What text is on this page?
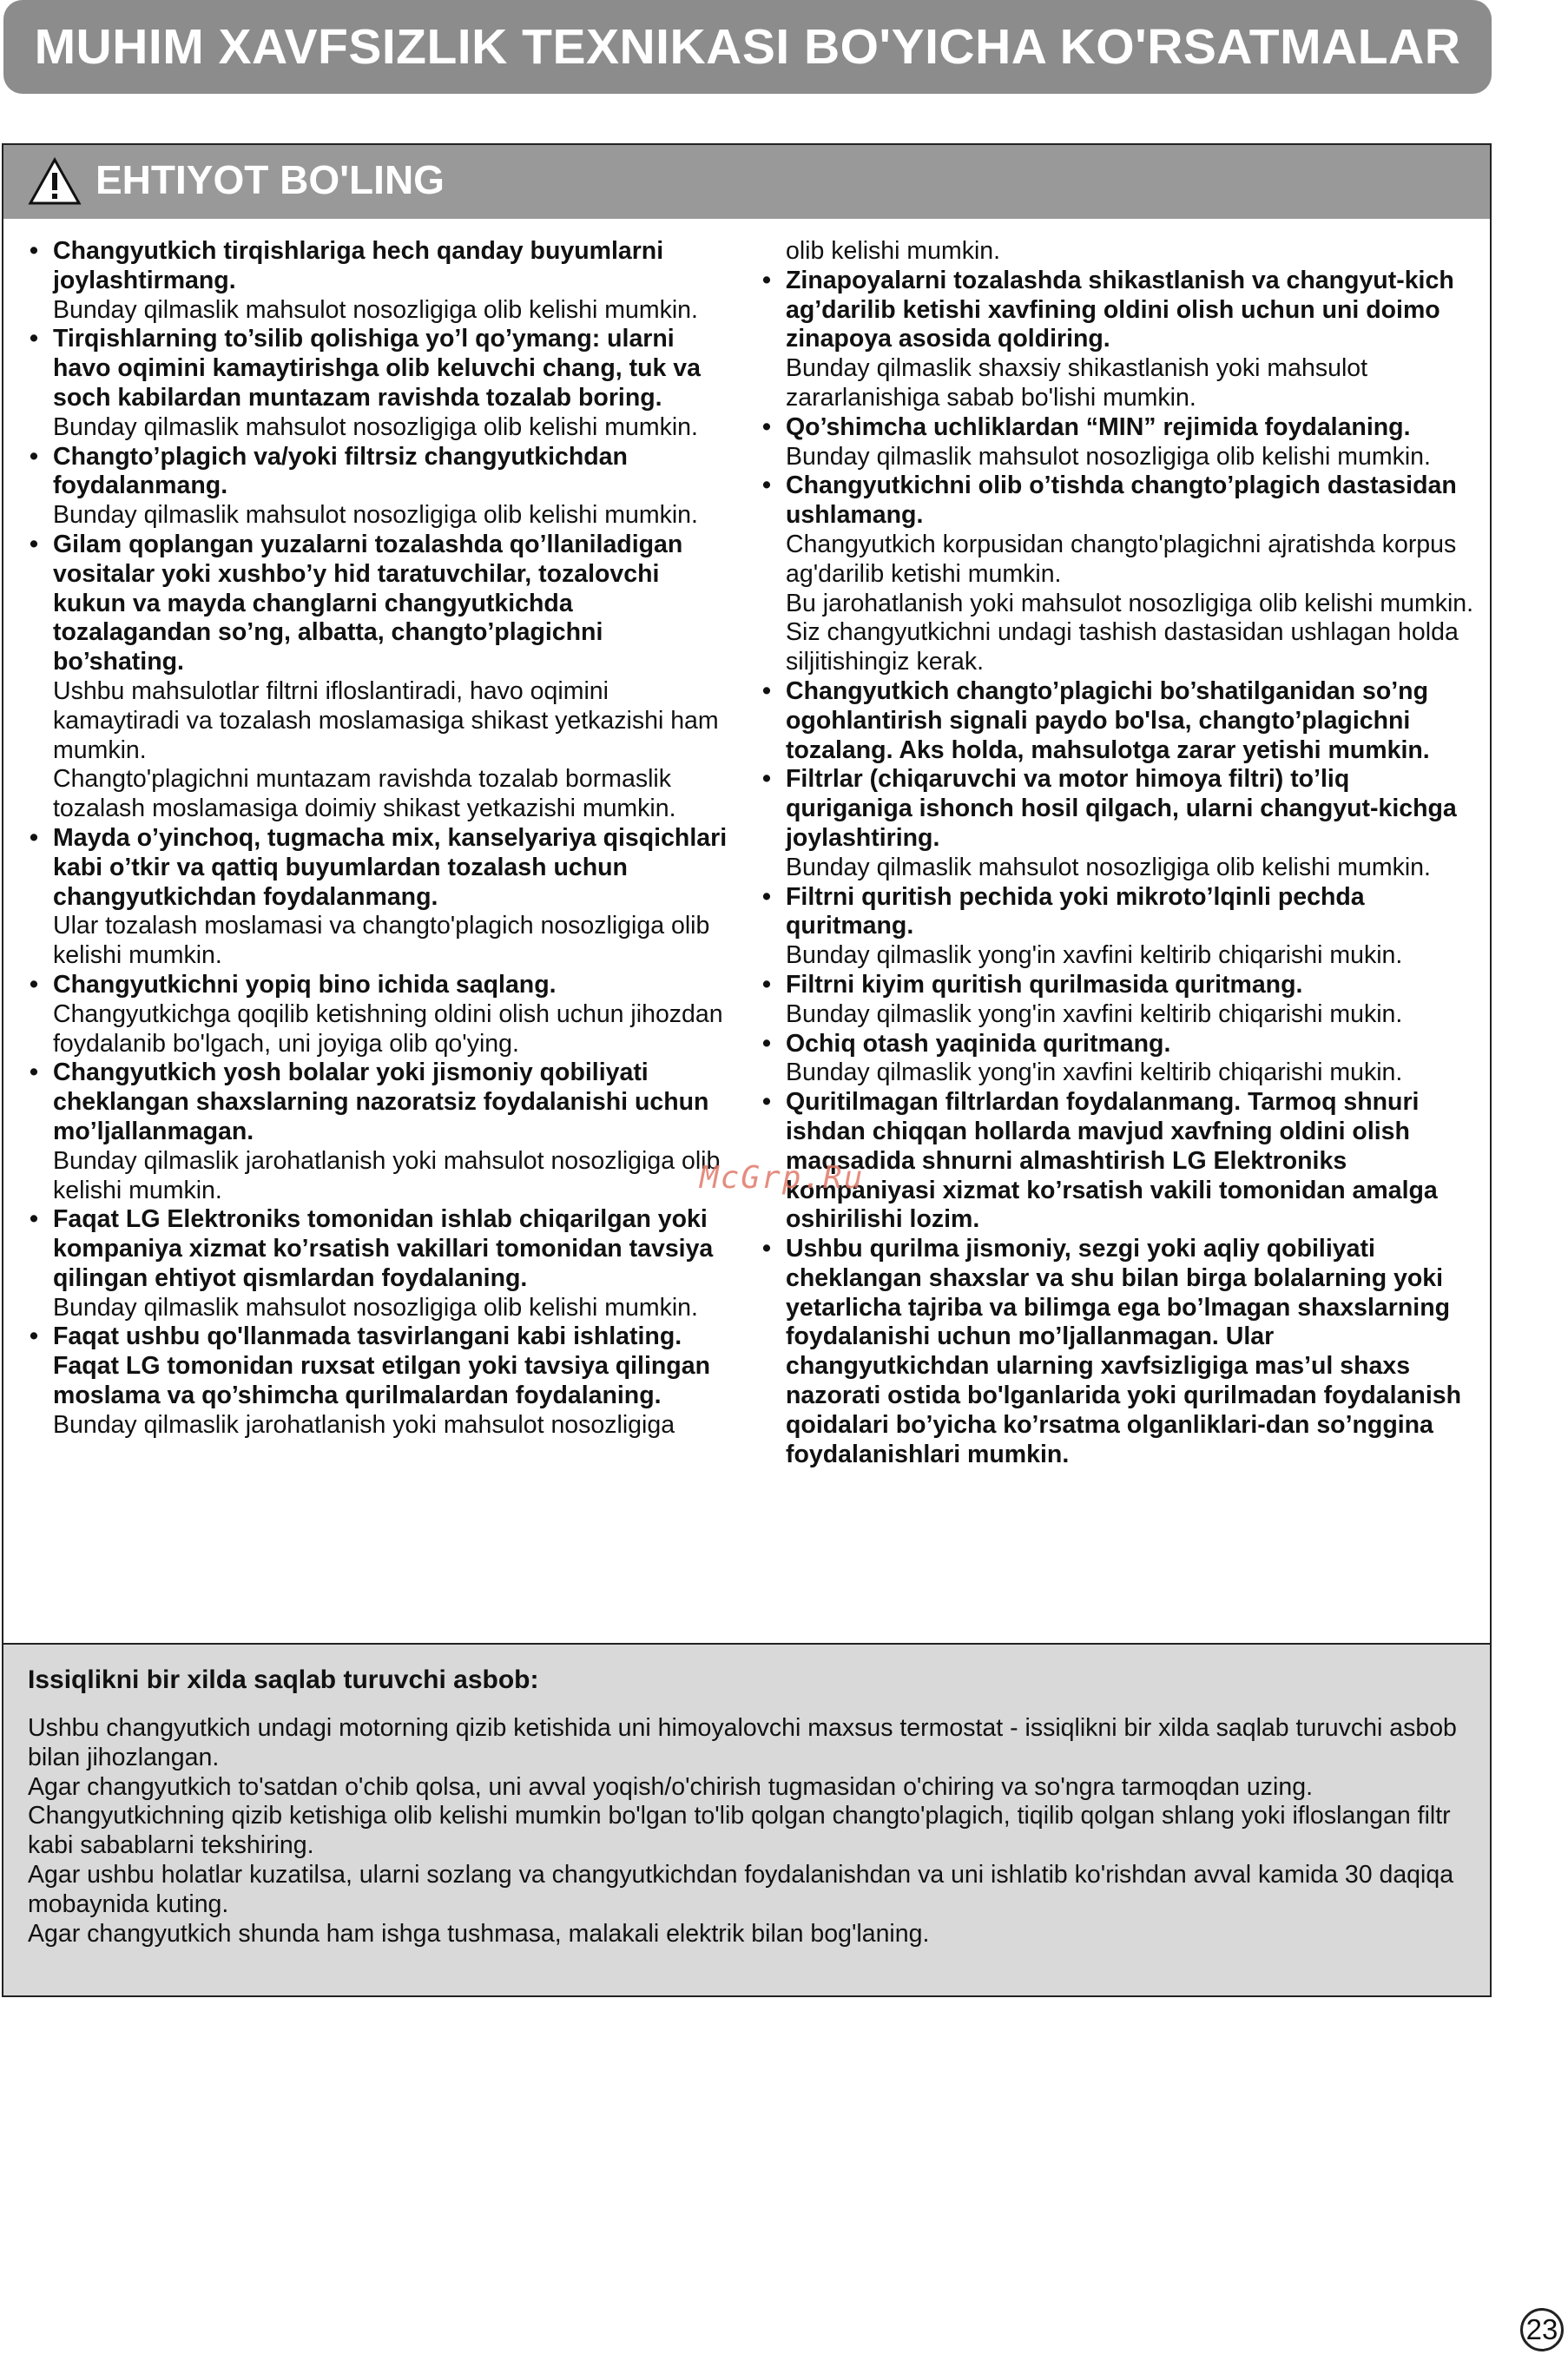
MUHIM XAVFSIZLIK TEXNIKASI BO'YICHA KO'RSATMALAR
EHTIYOT BO'LING
• Changyutkich tirqishlariga hech qanday buyumlarni joylashtirmang.
Bunday qilmaslik mahsulot nosozligiga olib kelishi mumkin.
• Tirqishlarning to’silib qolishiga yo’l qo’ymang: ularni havo oqimini kamaytirishga olib keluvchi chang, tuk va soch kabilardan muntazam ravishda tozalab boring.
Bunday qilmaslik mahsulot nosozligiga olib kelishi mumkin.
• Changto’plagich va/yoki filtrsiz changyutkichdan foydalanmang.
Bunday qilmaslik mahsulot nosozligiga olib kelishi mumkin.
• Gilam qoplangan yuzalarni tozalashda qo’llaniladigan vositalar yoki xushbo’y hid taratuvchilar, tozalovchi kukun va mayda changlarni changyutkichda tozalagandan so’ng, albatta, changto’plagichni bo’shating.
Ushbu mahsulotlar filtrni ifloslantiradi, havo oqimini kamaytiradi va tozalash moslamasiga shikast yetkazishi ham mumkin.
Changto'plagichni muntazam ravishda tozalab bormaslik tozalash moslamasiga doimiy shikast yetkazishi mumkin.
• Mayda o’yinchoq, tugmacha mix, kanselyariya qisqichlari kabi o’tkir va qattiq buyumlardan tozalash uchun changyutkichdan foydalanmang.
Ular tozalash moslamasi va changto'plagich nosozligiga olib kelishi mumkin.
• Changyutkichni yopiq bino ichida saqlang.
Changyutkichga qoqilib ketishning oldini olish uchun jihozdan foydalanib bo'lgach, uni joyiga olib qo'ying.
• Changyutkich yosh bolalar yoki jismoniy qobiliyati cheklangan shaxslarning nazoratsiz foydalanishi uchun mo’ljallanmagan.
Bunday qilmaslik jarohatlanish yoki mahsulot nosozligiga olib kelishi mumkin.
• Faqat LG Elektroniks tomonidan ishlab chiqarilgan yoki kompaniya xizmat ko’rsatish vakillari tomonidan tavsiya qilingan ehtiyot qismlardan foydalaning.
Bunday qilmaslik mahsulot nosozligiga olib kelishi mumkin.
• Faqat ushbu qo'llanmada tasvirlangani kabi ishlating. Faqat LG tomonidan ruxsat etilgan yoki tavsiya qilingan moslama va qo’shimcha qurilmalardan foydalaning.
Bunday qilmaslik jarohatlanish yoki mahsulot nosozligiga
olib kelishi mumkin.
• Zinapoyalarni tozalashda shikastlanish va changyut-kich ag’darilib ketishi xavfining oldini olish uchun uni doimo zinapoya asosida qoldiring.
Bunday qilmaslik shaxsiy shikastlanish yoki mahsulot zararlanishiga sabab bo'lishi mumkin.
• Qo’shimcha uchliklardan “MIN” rejimida foydalaning.
Bunday qilmaslik mahsulot nosozligiga olib kelishi mumkin.
• Changyutkichni olib o’tishda changto’plagich dastasidan ushlamang.
Changyutkich korpusidan changto'plagichni ajratishda korpus ag'darilib ketishi mumkin.
Bu jarohatlanish yoki mahsulot nosozligiga olib kelishi mumkin.
Siz changyutkichni undagi tashish dastasidan ushlagan holda siljitishingiz kerak.
• Changyutkich changto’plagichi bo’shatilganidan so’ng ogohlantirish signali paydo bo'lsa, changto’plagichni tozalang. Aks holda, mahsulotga zarar yetishi mumkin.
• Filtrlar (chiqaruvchi va motor himoya filtri) to’liq quriganiga ishonch hosil qilgach, ularni changyut-kichga joylashtiring.
Bunday qilmaslik mahsulot nosozligiga olib kelishi mumkin.
• Filtrni quritish pechida yoki mikroto’lqinli pechda quritmang.
Bunday qilmaslik yong'in xavfini keltirib chiqarishi mukin.
• Filtrni kiyim quritish qurilmasida quritmang.
Bunday qilmaslik yong'in xavfini keltirib chiqarishi mukin.
• Ochiq otash yaqinida quritmang.
Bunday qilmaslik yong'in xavfini keltirib chiqarishi mukin.
• Quritilmagan filtrlardan foydalanmang. Tarmoq shnuri ishdan chiqqan hollarda mavjud xavfning oldini olish maqsadida shnurni almashtirish LG Elektroniks kompaniyasi xizmat ko’rsatish vakili tomonidan amalga oshirilishi lozim.
• Ushbu qurilma jismoniy, sezgi yoki aqliy qobiliyati cheklangan shaxslar va shu bilan birga bolalarning yoki yetarlicha tajriba va bilimga ega bo’lmagan shaxslarning foydalanishi uchun mo’ljallanmagan. Ular changyutkichdan ularning xavfsizligiga mas’ul shaxs nazorati ostida bo'lganlarida yoki qurilmadan foydalanish qoidalari bo’yicha ko’rsatma olganliklari-dan so’nggina foydalanishlari mumkin.
McGrp.Ru
Issiqlikni bir xilda saqlab turuvchi asbob:
Ushbu changyutkich undagi motorning qizib ketishida uni himoyalovchi maxsus termostat - issiqlikni bir xilda saqlab turuvchi asbob bilan jihozlangan.
Agar changyutkich to'satdan o'chib qolsa, uni avval yoqish/o'chirish tugmasidan o'chiring va so'ngra tarmoqdan uzing.
Changyutkichning qizib ketishiga olib kelishi mumkin bo'lgan to'lib qolgan changto'plagich, tiqilib qolgan shlang yoki ifloslangan filtr kabi sabablarni tekshiring.
Agar ushbu holatlar kuzatilsa, ularni sozlang va changyutkichdan foydalanishdan va uni ishlatib ko'rishdan avval kamida 30 daqiqa mobaynida kuting.
Agar changyutkich shunda ham ishga tushmasa, malakali elektrik bilan bog'laning.
23
